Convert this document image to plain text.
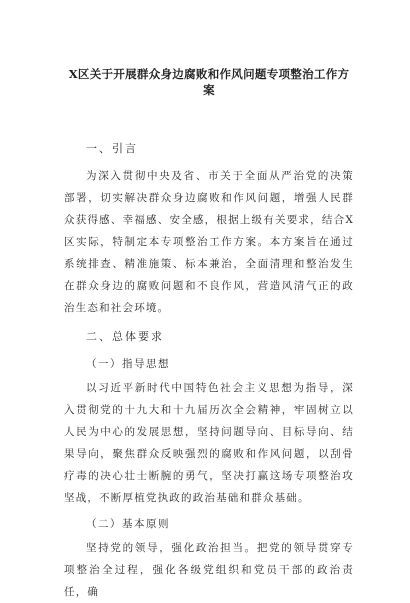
X区关于开展群众身边腐败和作风问题专项整治工作方案
一、引言

为深入贯彻中央及省、市关于全面从严治党的决策部署，切实解决群众身边腐败和作风问题，增强人民群众获得感、幸福感、安全感，根据上级有关要求，结合X区实际，特制定本专项整治工作方案。本方案旨在通过系统排查、精准施策、标本兼治，全面清理和整治发生在群众身边的腐败问题和不良作风，营造风清气正的政治生态和社会环境。

二、总体要求
（一）指导思想

以习近平新时代中国特色社会主义思想为指导，深入贯彻党的十九大和十九届历次全会精神，牢固树立以人民为中心的发展思想，坚持问题导向、目标导向、结果导向，聚焦群众反映强烈的腐败和作风问题，以刮骨疗毒的决心壮士断腕的勇气，坚决打赢这场专项整治攻坚战，不断厚植党执政的政治基础和群众基础。

（二）基本原则

坚持党的领导，强化政治担当。把党的领导贯穿专项整治全过程，强化各级党组织和党员干部的政治责任，确
